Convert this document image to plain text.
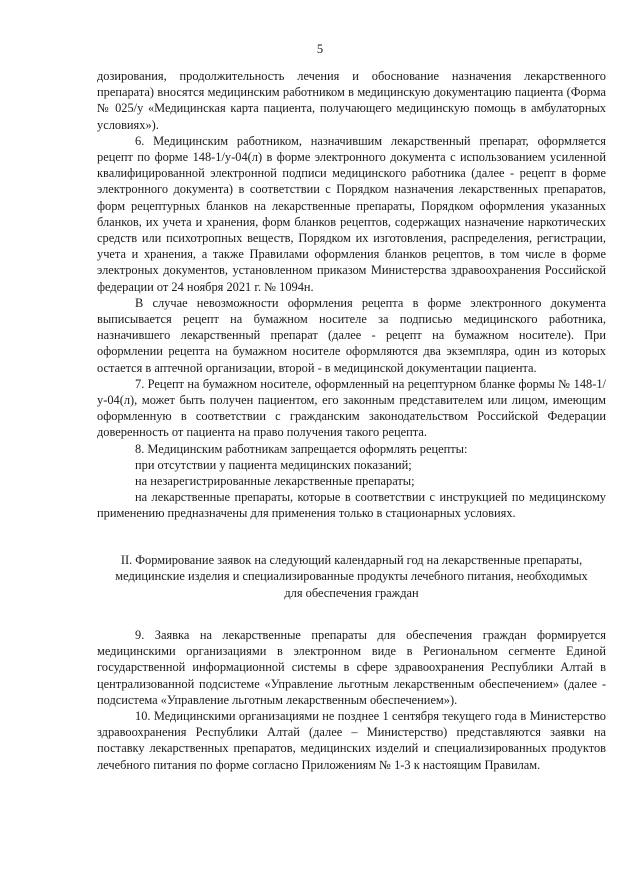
5

дозирования, продолжительность лечения и обоснование назначения лекарственного препарата) вносятся медицинским работником в медицинскую документацию пациента (Форма № 025/у «Медицинская карта пациента, получающего медицинскую помощь в амбулаторных условиях»).

6. Медицинским работником, назначившим лекарственный препарат, оформляется рецепт по форме 148-1/у-04(л) в форме электронного документа с использованием усиленной квалифицированной электронной подписи медицинского работника (далее - рецепт в форме электронного документа) в соответствии с Порядком назначения лекарственных препаратов, форм рецептурных бланков на лекарственные препараты, Порядком оформления указанных бланков, их учета и хранения, форм бланков рецептов, содержащих назначение наркотических средств или психотропных веществ, Порядком их изготовления, распределения, регистрации, учета и хранения, а также Правилами оформления бланков рецептов, в том числе в форме электроных документов, установленном приказом Министерства здравоохранения Российской федерации от 24 ноября 2021 г. № 1094н.

В случае невозможности оформления рецепта в форме электронного документа выписывается рецепт на бумажном носителе за подписью медицинского работника, назначившего лекарственный препарат (далее - рецепт на бумажном носителе). При оформлении рецепта на бумажном носителе оформляются два экземпляра, один из которых остается в аптечной организации, второй - в медицинской документации пациента.

7. Рецепт на бумажном носителе, оформленный на рецептурном бланке формы № 148-1/у-04(л), может быть получен пациентом, его законным представителем или лицом, имеющим оформленную в соответствии с гражданским законодательством Российской Федерации доверенность от пациента на право получения такого рецепта.

8. Медицинским работникам запрещается оформлять рецепты:

при отсутствии у пациента медицинских показаний;

на незарегистрированные лекарственные препараты;

на лекарственные препараты, которые в соответствии с инструкцией по медицинскому применению предназначены для применения только в стационарных условиях.

II. Формирование заявок на следующий календарный год на лекарственные препараты, медицинские изделия и специализированные продукты лечебного питания, необходимых для обеспечения граждан

9. Заявка на лекарственные препараты для обеспечения граждан формируется медицинскими организациями в электронном виде в Региональном сегменте Единой государственной информационной системы в сфере здравоохранения Республики Алтай в централизованной подсистеме «Управление льготным лекарственным обеспечением» (далее - подсистема «Управление льготным лекарственным обеспечением»).

10. Медицинскими организациями не позднее 1 сентября текущего года в Министерство здравоохранения Республики Алтай (далее – Министерство) представляются заявки на поставку лекарственных препаратов, медицинских изделий и специализированных продуктов лечебного питания по форме согласно Приложениям № 1-3 к настоящим Правилам.
